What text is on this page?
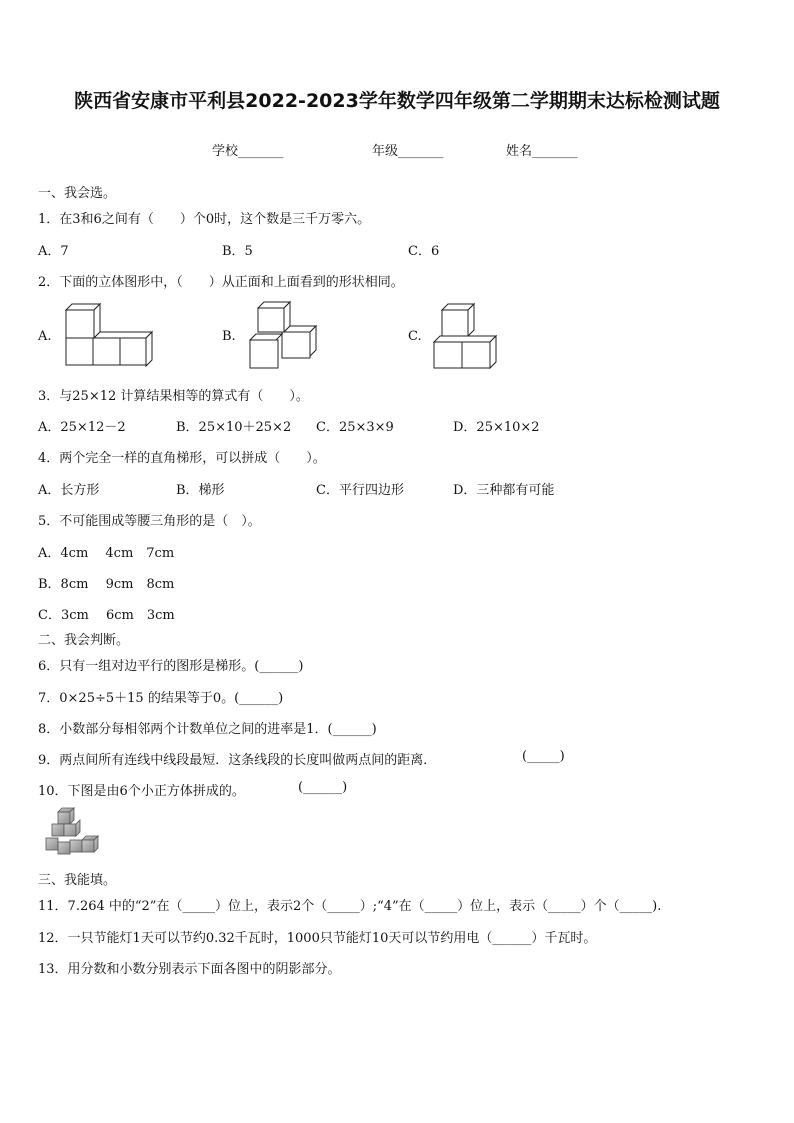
陕西省安康市平利县2022-2023学年数学四年级第二学期期末达标检测试题
学校_______	年级_______	姓名_______
一、我会选。
1．在3和6之间有（　　）个0时，这个数是三千万零六。
A．7	B．5	C．6
2．下面的立体图形中，（　　）从正面和上面看到的形状相同。
A.	B.	C.
3．与25×12 计算结果相等的算式有（　　）。
A．25×12－2	B．25×10＋25×2 C．25×3×9	D．25×10×2
4．两个完全一样的直角梯形，可以拼成（　　）。
A．长方形	B．梯形	C．平行四边形	D．三种都有可能
5．不可能围成等腰三角形的是（　）。
A．4cm　 4cm　7cm
B．8cm　 9cm　8cm
C．3cm　 6cm　3cm
二、我会判断。
6．只有一组对边平行的图形是梯形。(______)
7．0×25÷5＋15 的结果等于0。(______)
8．小数部分每相邻两个计数单位之间的进率是1．(______)
9．两点间所有连线中线段最短．这条线段的长度叫做两点间的距离．	(_____)
10．下图是由6个小正方体拼成的。	(______)
三、我能填。
11．7.264 中的“2”在（_____）位上，表示2个（_____）;“4”在（_____）位上，表示（_____）个（_____).
12．一只节能灯1天可以节约0.32千瓦时，1000只节能灯10天可以节约用电（______）千瓦时。
13．用分数和小数分别表示下面各图中的阴影部分。
